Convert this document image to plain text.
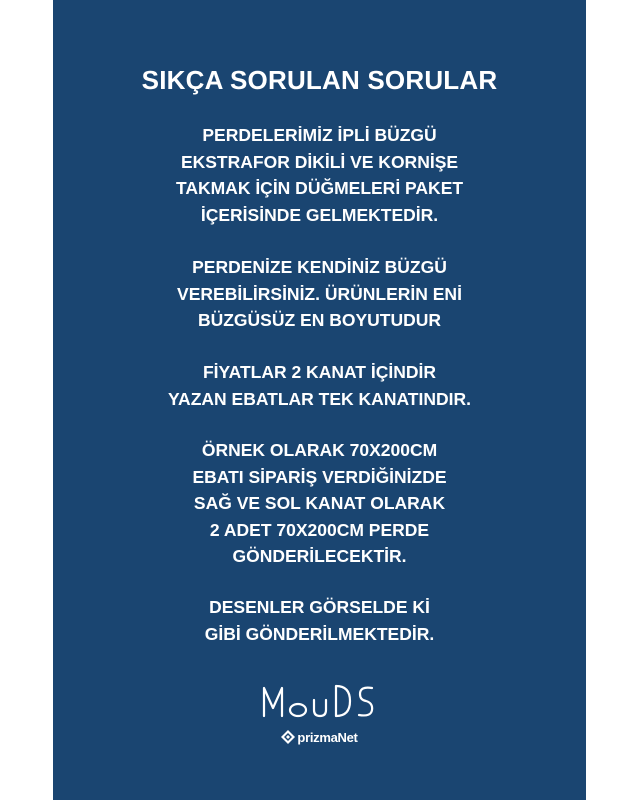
SIKÇA SORULAN SORULAR
PERDELERİMİZ İPLİ BÜZGÜ
EKSTRAFOR DİKİLİ VE KORNİŞE
TAKMAK İÇİN DÜĞMELERİ PAKET
İÇERİSİNDE GELMEKTEDİR.
PERDENİZE KENDİNİZ BÜZGÜ
VEREBİLİRSİNİZ. ÜRÜNLERİN ENİ
BÜZGÜSÜZ EN BOYUTUDUR
FİYATLAR 2 KANAT İÇİNDİR
YAZAN EBATLAR TEK KANATINDIR.
ÖRNEK OLARAK 70X200CM
EBATI SİPARİŞ VERDİĞİNİZDE
SAĞ VE SOL KANAT OLARAK
2 ADET 70X200CM PERDE
GÖNDERİLECEKTİR.
DESENLER GÖRSELDE Kİ
GİBİ GÖNDERİLMEKTEDİR.
prizmaNet
